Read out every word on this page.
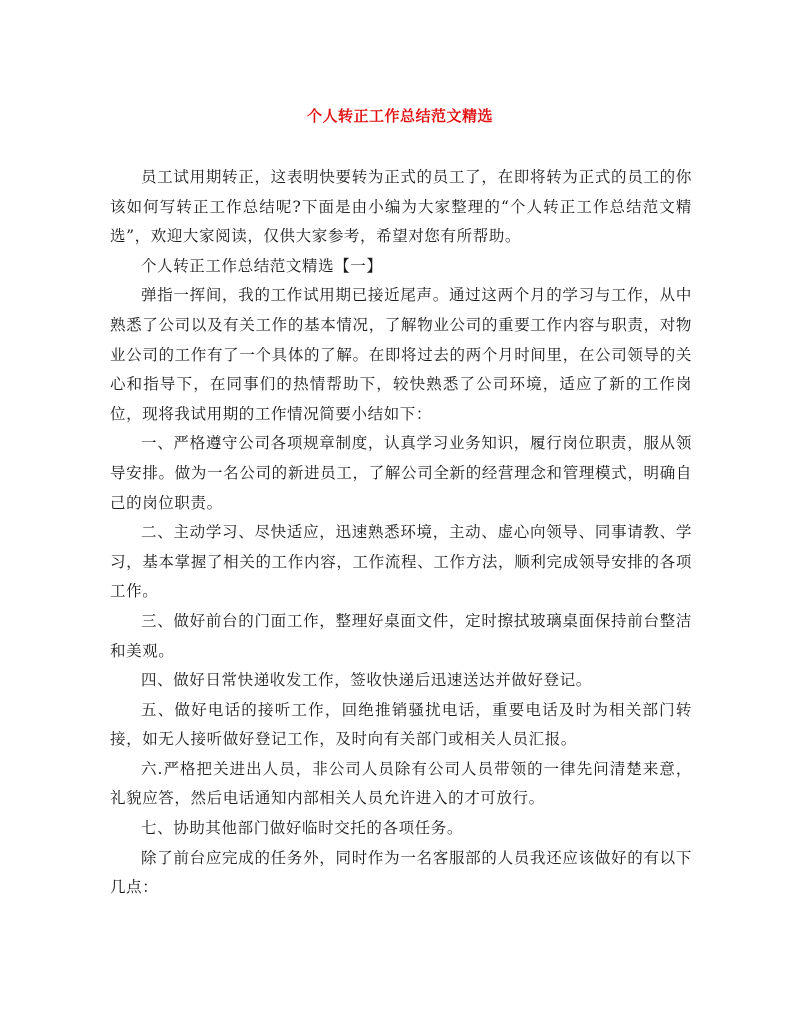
个人转正工作总结范文精选

员工试用期转正，这表明快要转为正式的员工了，在即将转为正式的员工的你该如何写转正工作总结呢?下面是由小编为大家整理的“个人转正工作总结范文精选”，欢迎大家阅读，仅供大家参考，希望对您有所帮助。

个人转正工作总结范文精选【一】

弹指一挥间，我的工作试用期已接近尾声。通过这两个月的学习与工作，从中熟悉了公司以及有关工作的基本情况，了解物业公司的重要工作内容与职责，对物业公司的工作有了一个具体的了解。在即将过去的两个月时间里，在公司领导的关心和指导下，在同事们的热情帮助下，较快熟悉了公司环境，适应了新的工作岗位，现将我试用期的工作情况简要小结如下：

一、严格遵守公司各项规章制度，认真学习业务知识，履行岗位职责，服从领导安排。做为一名公司的新进员工，了解公司全新的经营理念和管理模式，明确自己的岗位职责。

二、主动学习、尽快适应，迅速熟悉环境，主动、虚心向领导、同事请教、学习，基本掌握了相关的工作内容，工作流程、工作方法，顺利完成领导安排的各项工作。

三、做好前台的门面工作，整理好桌面文件，定时擦拭玻璃桌面保持前台整洁和美观。

四、做好日常快递收发工作，签收快递后迅速送达并做好登记。

五、做好电话的接听工作，回绝推销骚扰电话，重要电话及时为相关部门转接，如无人接听做好登记工作，及时向有关部门或相关人员汇报。

六.严格把关进出人员，非公司人员除有公司人员带领的一律先问清楚来意，礼貌应答，然后电话通知内部相关人员允许进入的才可放行。

七、协助其他部门做好临时交托的各项任务。

除了前台应完成的任务外，同时作为一名客服部的人员我还应该做好的有以下几点：
